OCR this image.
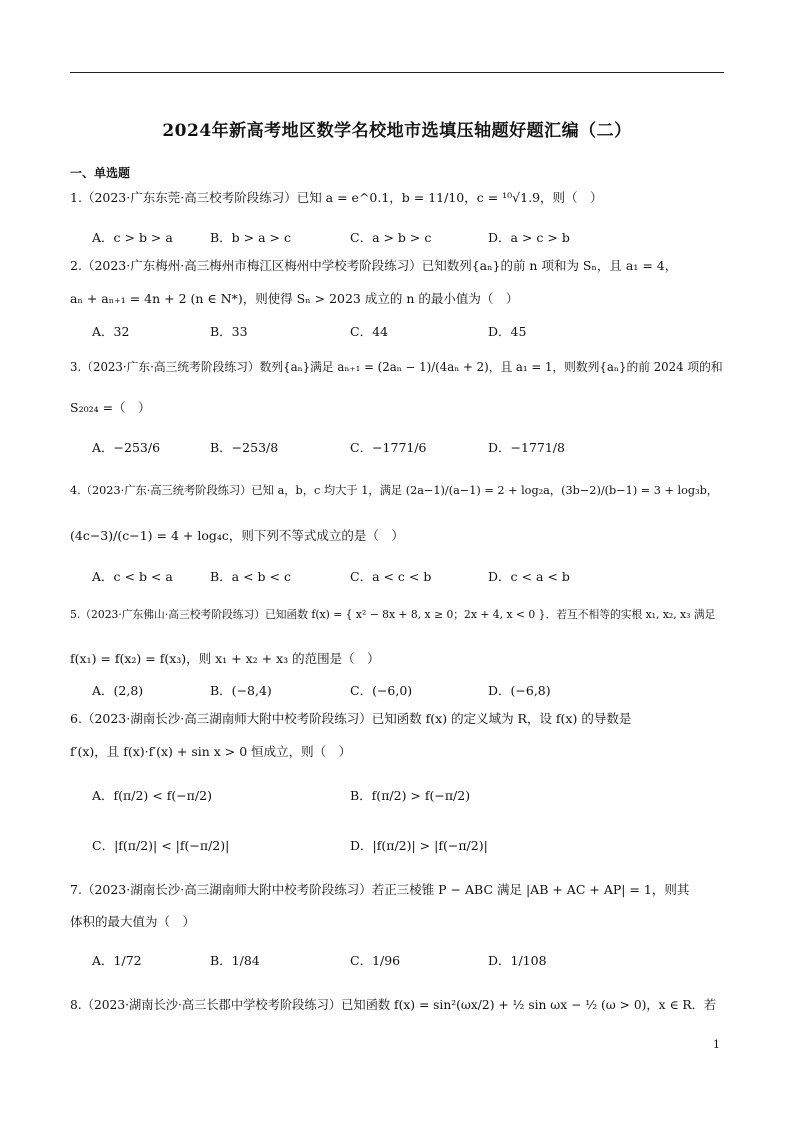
2024年新高考地区数学名校地市选填压轴题好题汇编（二）
一、单选题
1.（2023·广东东莞·高三校考阶段练习）已知 a = e^0.1，b = 11/10，c = ¹⁰√1.9，则（　）
A．c > b > a	B．b > a > c	C．a > b > c	D．a > c > b
2.（2023·广东梅州·高三梅州市梅江区梅州中学校考阶段练习）已知数列{aₙ}的前 n 项和为 Sₙ，且 a₁ = 4，
aₙ + aₙ₊₁ = 4n + 2 (n ∈ N*)，则使得 Sₙ > 2023 成立的 n 的最小值为（　）
A．32	B．33	C．44	D．45
3.（2023·广东·高三统考阶段练习）数列{aₙ}满足 aₙ₊₁ = (2aₙ − 1)/(4aₙ + 2)，且 a₁ = 1，则数列{aₙ}的前 2024 项的和
S₂₀₂₄ =（　）
A．−253/6	B．−253/8	C．−1771/6	D．−1771/8
4.（2023·广东·高三统考阶段练习）已知 a，b，c 均大于 1，满足 (2a−1)/(a−1) = 2 + log₂a，(3b−2)/(b−1) = 3 + log₃b，
(4c−3)/(c−1) = 4 + log₄c，则下列不等式成立的是（　）
A．c < b < a	B．a < b < c	C．a < c < b	D．c < a < b
5.（2023·广东佛山·高三校考阶段练习）已知函数 f(x) = { x² − 8x + 8, x ≥ 0；2x + 4, x < 0 }．若互不相等的实根 x₁, x₂, x₃ 满足
f(x₁) = f(x₂) = f(x₃)，则 x₁ + x₂ + x₃ 的范围是（　）
A．(2,8)	B．(−8,4)	C．(−6,0)	D．(−6,8)
6.（2023·湖南长沙·高三湖南师大附中校考阶段练习）已知函数 f(x) 的定义域为 R，设 f(x) 的导数是
f′(x)，且 f(x)·f′(x) + sin x > 0 恒成立，则（　）
A．f(π/2) < f(−π/2)	B．f(π/2) > f(−π/2)
C．|f(π/2)| < |f(−π/2)|	D．|f(π/2)| > |f(−π/2)|
7.（2023·湖南长沙·高三湖南师大附中校考阶段练习）若正三棱锥 P − ABC 满足 |AB + AC + AP| = 1，则其
体积的最大值为（　）
A．1/72	B．1/84	C．1/96	D．1/108
8.（2023·湖南长沙·高三长郡中学校考阶段练习）已知函数 f(x) = sin²(ωx/2) + ½ sin ωx − ½ (ω > 0)，x ∈ R．若
1
